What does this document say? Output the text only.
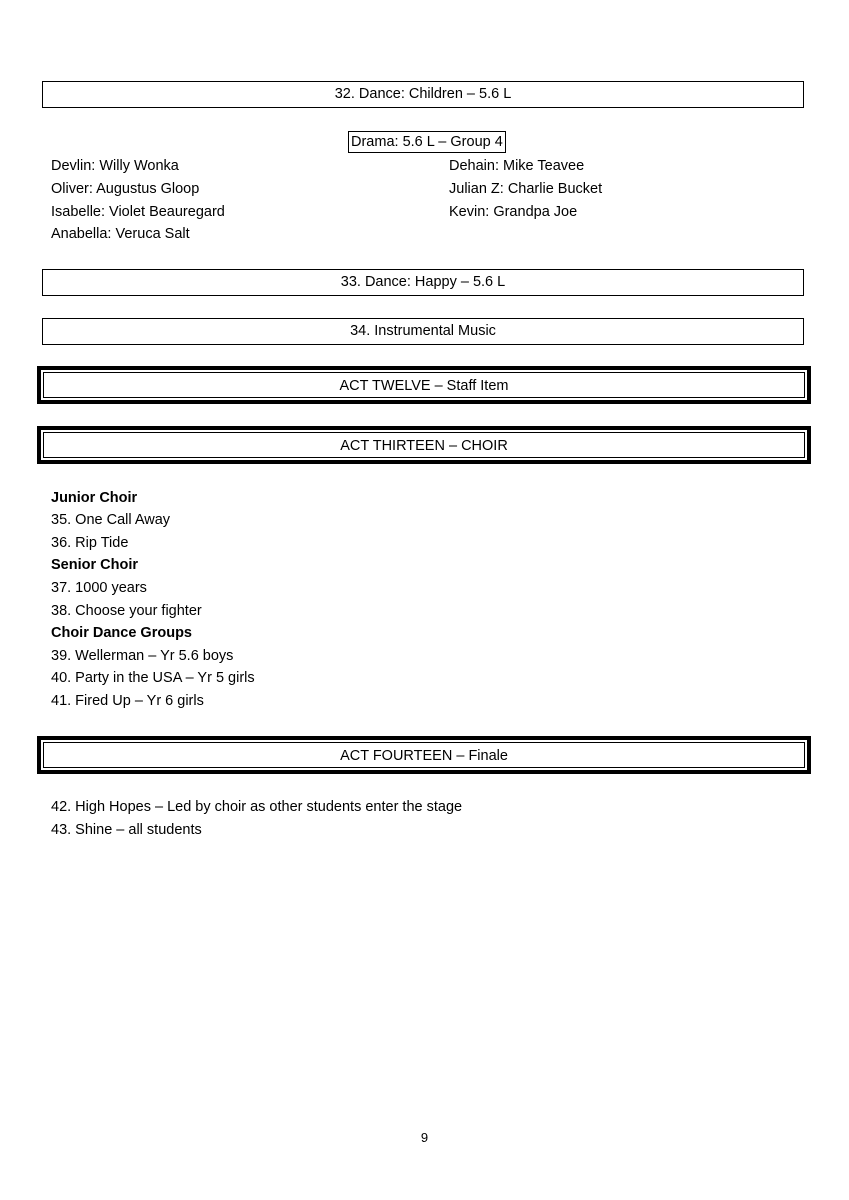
32. Dance: Children – 5.6 L
Drama: 5.6 L – Group 4
Devlin: Willy Wonka
Oliver: Augustus Gloop
Isabelle: Violet Beauregard
Anabella: Veruca Salt
Dehain: Mike Teavee
Julian Z: Charlie Bucket
Kevin: Grandpa Joe
33. Dance: Happy – 5.6 L
34. Instrumental Music
ACT TWELVE – Staff Item
ACT THIRTEEN – CHOIR
Junior Choir
35. One Call Away
36. Rip Tide
Senior Choir
37. 1000 years
38. Choose your fighter
Choir Dance Groups
39. Wellerman – Yr 5.6 boys
40. Party in the USA – Yr 5 girls
41. Fired Up – Yr 6 girls
ACT FOURTEEN – Finale
42. High Hopes – Led by choir as other students enter the stage
43. Shine – all students
9
